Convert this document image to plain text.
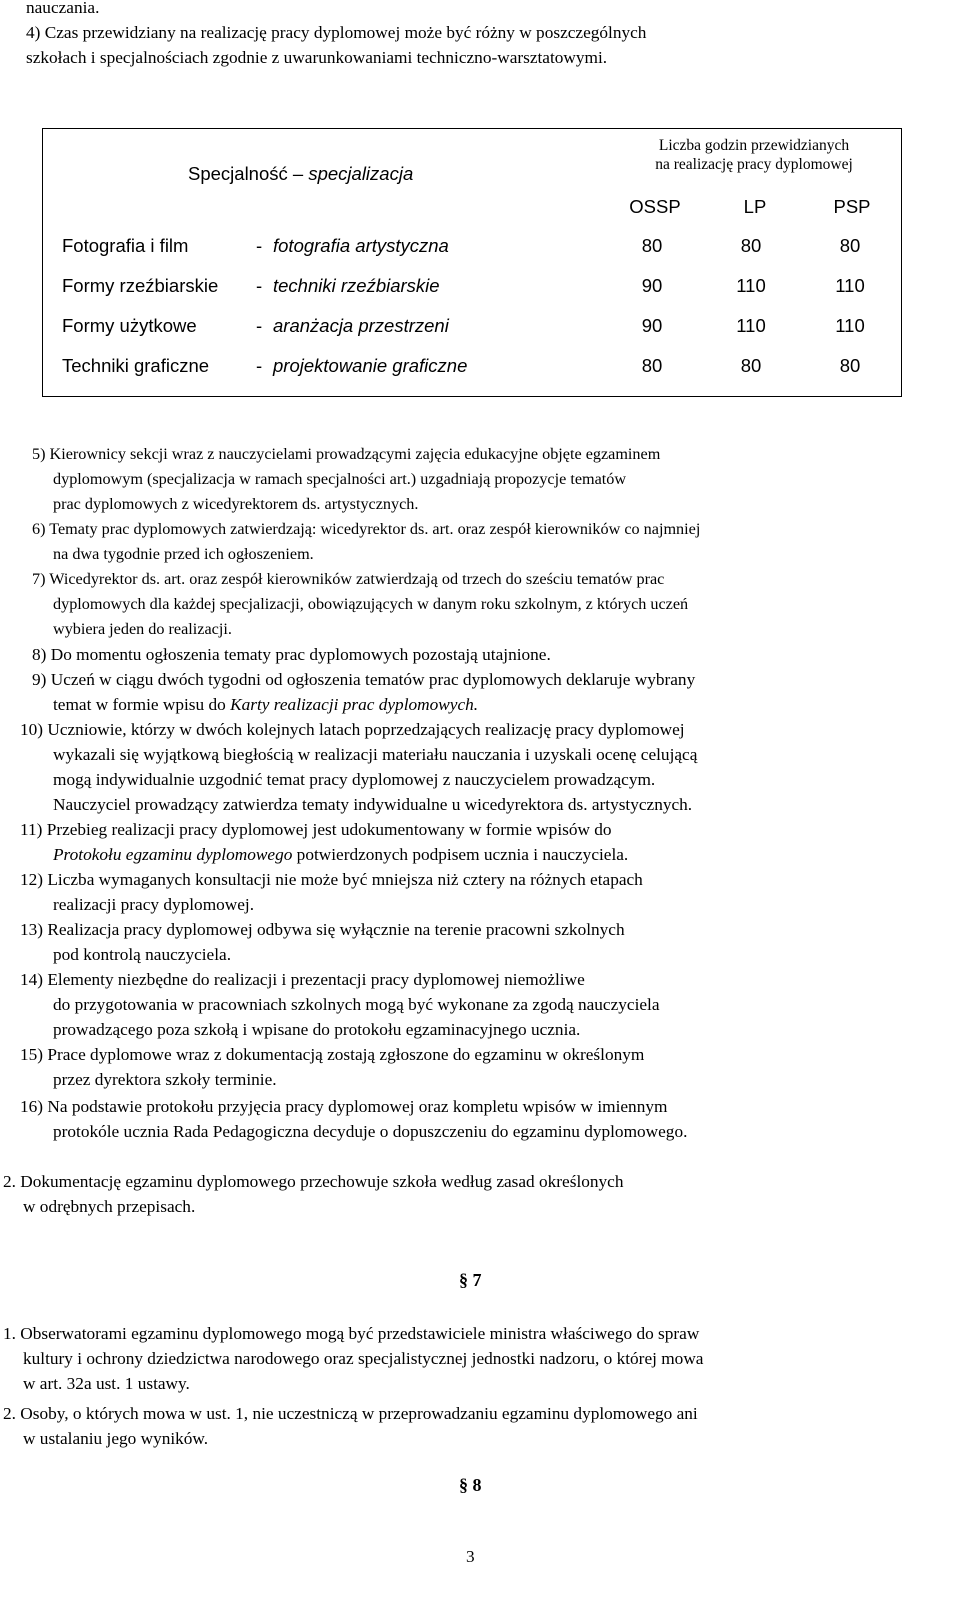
nauczania.
4) Czas przewidziany na realizację pracy dyplomowej może być różny w poszczególnych
szkołach i specjalnościach zgodnie z uwarunkowaniami techniczno-warsztatowymi.
Specjalność – specjalizacja
Liczba godzin przewidzianych
na realizację pracy dyplomowej
OSSP	LP	PSP
Fotografia i film	- fotografia artystyczna	80	80	80
Formy rzeźbiarskie - techniki rzeźbiarskie	90	110	110
Formy użytkowe	- aranżacja przestrzeni	90	110	110
Techniki graficzne	- projektowanie graficzne	80	80	80
5) Kierownicy sekcji wraz z nauczycielami prowadzącymi zajęcia edukacyjne objęte egzaminem
dyplomowym (specjalizacja w ramach specjalności art.) uzgadniają propozycje tematów
prac dyplomowych z wicedyrektorem ds. artystycznych.
6) Tematy prac dyplomowych zatwierdzają: wicedyrektor ds. art. oraz zespół kierowników co najmniej
na dwa tygodnie przed ich ogłoszeniem.
7) Wicedyrektor ds. art. oraz zespół kierowników zatwierdzają od trzech do sześciu tematów prac
dyplomowych dla każdej specjalizacji, obowiązujących w danym roku szkolnym, z których uczeń
wybiera jeden do realizacji.
8) Do momentu ogłoszenia tematy prac dyplomowych pozostają utajnione.
9) Uczeń w ciągu dwóch tygodni od ogłoszenia tematów prac dyplomowych deklaruje wybrany
temat w formie wpisu do Karty realizacji prac dyplomowych.
10) Uczniowie, którzy w dwóch kolejnych latach poprzedzających realizację pracy dyplomowej
wykazali się wyjątkową biegłością w realizacji materiału nauczania i uzyskali ocenę celującą
mogą indywidualnie uzgodnić temat pracy dyplomowej z nauczycielem prowadzącym.
Nauczyciel prowadzący zatwierdza tematy indywidualne u wicedyrektora ds. artystycznych.
11) Przebieg realizacji pracy dyplomowej jest udokumentowany w formie wpisów do
Protokołu egzaminu dyplomowego potwierdzonych podpisem ucznia i nauczyciela.
12) Liczba wymaganych konsultacji nie może być mniejsza niż cztery na różnych etapach
realizacji pracy dyplomowej.
13) Realizacja pracy dyplomowej odbywa się wyłącznie na terenie pracowni szkolnych
pod kontrolą nauczyciela.
14) Elementy niezbędne do realizacji i prezentacji pracy dyplomowej niemożliwe
do przygotowania w pracowniach szkolnych mogą być wykonane za zgodą nauczyciela
prowadzącego poza szkołą i wpisane do protokołu egzaminacyjnego ucznia.
15) Prace dyplomowe wraz z dokumentacją zostają zgłoszone do egzaminu w określonym
przez dyrektora szkoły terminie.
16) Na podstawie protokołu przyjęcia pracy dyplomowej oraz kompletu wpisów w imiennym
protokóle ucznia Rada Pedagogiczna decyduje o dopuszczeniu do egzaminu dyplomowego.
2. Dokumentację egzaminu dyplomowego przechowuje szkoła według zasad określonych
w odrębnych przepisach.
§ 7
1. Obserwatorami egzaminu dyplomowego mogą być przedstawiciele ministra właściwego do spraw
kultury i ochrony dziedzictwa narodowego oraz specjalistycznej jednostki nadzoru, o której mowa
w art. 32a ust. 1 ustawy.
2. Osoby, o których mowa w ust. 1, nie uczestniczą w przeprowadzaniu egzaminu dyplomowego ani
w ustalaniu jego wyników.
§ 8
3
